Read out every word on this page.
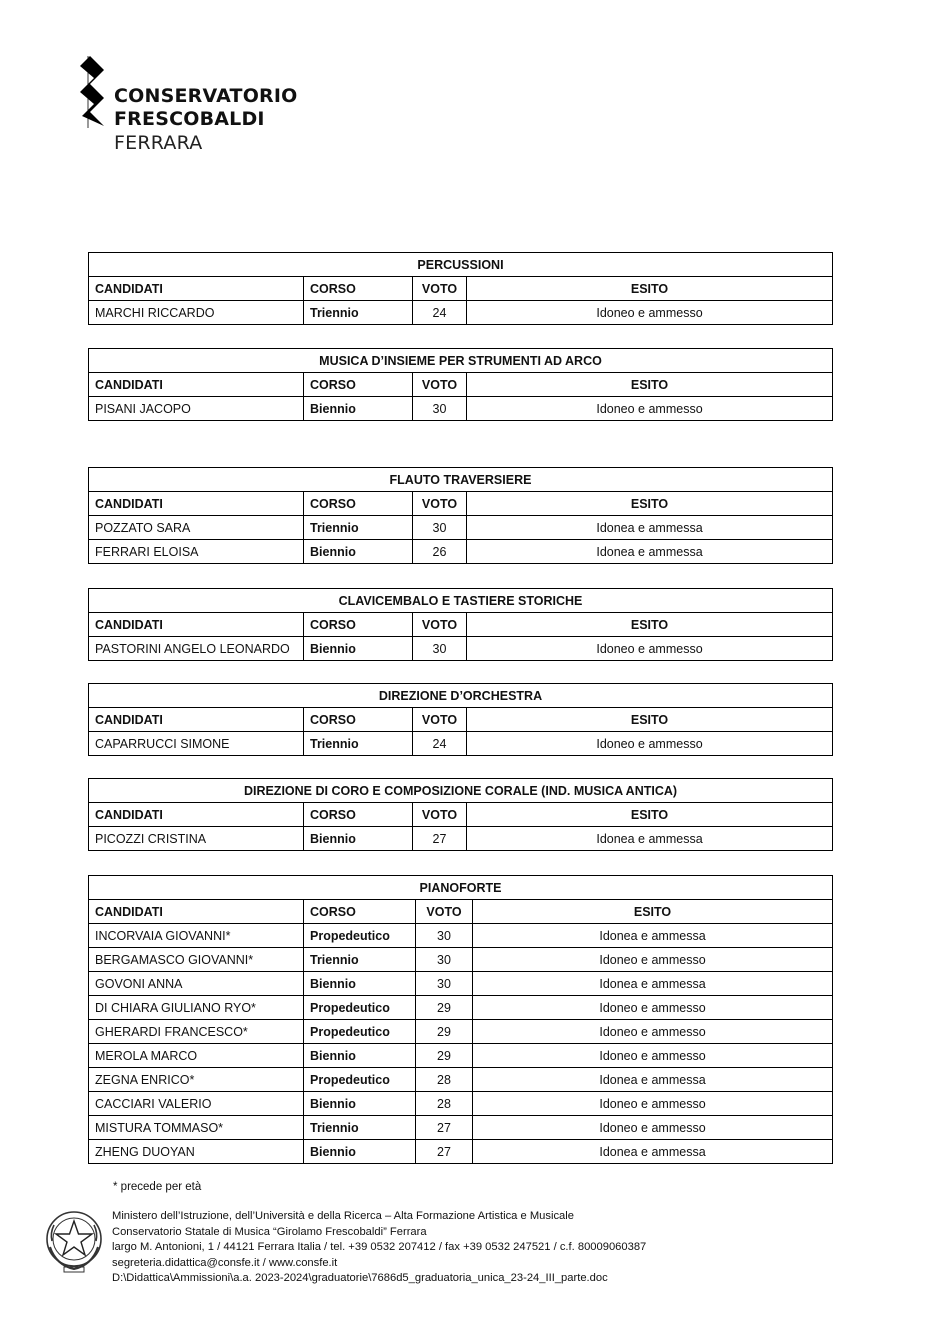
CONSERVATORIO
FRESCOBALDI
FERRARA
PERCUSSIONI			
CANDIDATI	CORSO	VOTO	ESITO
MARCHI RICCARDO	Triennio	24	Idoneo e ammesso
MUSICA D’INSIEME PER STRUMENTI AD ARCO			
CANDIDATI	CORSO	VOTO	ESITO
PISANI JACOPO	Biennio	30	Idoneo e ammesso
FLAUTO TRAVERSIERE			
CANDIDATI	CORSO	VOTO	ESITO
POZZATO SARA	Triennio	30	Idonea e ammessa
FERRARI ELOISA	Biennio	26	Idonea e ammessa
CLAVICEMBALO E TASTIERE STORICHE			
CANDIDATI	CORSO	VOTO	ESITO
PASTORINI ANGELO LEONARDO	Biennio	30	Idoneo e ammesso
DIREZIONE D’ORCHESTRA			
CANDIDATI	CORSO	VOTO	ESITO
CAPARRUCCI SIMONE	Triennio	24	Idoneo e ammesso
DIREZIONE DI CORO E COMPOSIZIONE CORALE (IND. MUSICA ANTICA)			
CANDIDATI	CORSO	VOTO	ESITO
PICOZZI CRISTINA	Biennio	27	Idonea e ammessa
PIANOFORTE			
CANDIDATI	CORSO	VOTO	ESITO
INCORVAIA GIOVANNI*	Propedeutico	30	Idonea e ammessa
BERGAMASCO GIOVANNI*	Triennio	30	Idoneo e ammesso
GOVONI ANNA	Biennio	30	Idonea e ammessa
DI CHIARA GIULIANO RYO*	Propedeutico	29	Idoneo e ammesso
GHERARDI FRANCESCO*	Propedeutico	29	Idoneo e ammesso
MEROLA MARCO	Biennio	29	Idoneo e ammesso
ZEGNA ENRICO*	Propedeutico	28	Idonea e ammessa
CACCIARI VALERIO	Biennio	28	Idoneo e ammesso
MISTURA TOMMASO*	Triennio	27	Idoneo e ammesso
ZHENG DUOYAN	Biennio	27	Idonea e ammessa
* precede per età
Ministero dell’Istruzione, dell’Università e della Ricerca – Alta Formazione Artistica e Musicale
Conservatorio Statale di Musica “Girolamo Frescobaldi” Ferrara
largo M. Antonioni, 1 / 44121 Ferrara Italia / tel. +39 0532 207412 / fax +39 0532 247521 / c.f. 80009060387
segreteria.didattica@consfe.it / www.consfe.it
D:\Didattica\Ammissioni\a.a. 2023-2024\graduatorie\7686d5_graduatoria_unica_23-24_III_parte.doc
